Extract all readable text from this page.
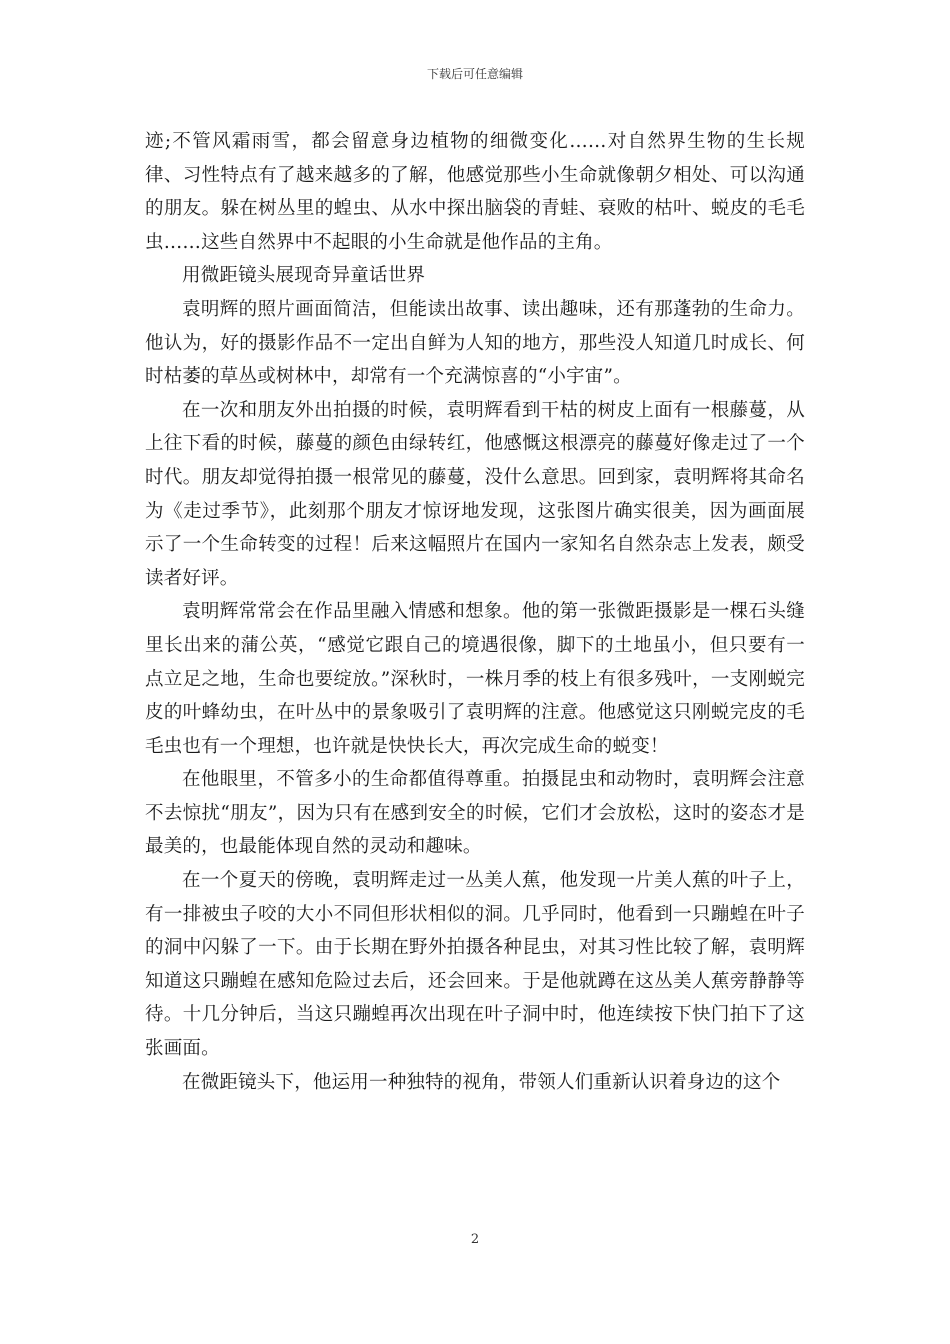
下载后可任意编辑

迹;不管风霜雨雪，都会留意身边植物的细微变化……对自然界生物的生长规律、习性特点有了越来越多的了解，他感觉那些小生命就像朝夕相处、可以沟通的朋友。躲在树丛里的蝗虫、从水中探出脑袋的青蛙、衰败的枯叶、蜕皮的毛毛虫……这些自然界中不起眼的小生命就是他作品的主角。

用微距镜头展现奇异童话世界

袁明辉的照片画面简洁，但能读出故事、读出趣味，还有那蓬勃的生命力。他认为，好的摄影作品不一定出自鲜为人知的地方，那些没人知道几时成长、何时枯萎的草丛或树林中，却常有一个充满惊喜的“小宇宙”。

在一次和朋友外出拍摄的时候，袁明辉看到干枯的树皮上面有一根藤蔓，从上往下看的时候，藤蔓的颜色由绿转红，他感慨这根漂亮的藤蔓好像走过了一个时代。朋友却觉得拍摄一根常见的藤蔓，没什么意思。回到家，袁明辉将其命名为《走过季节》，此刻那个朋友才惊讶地发现，这张图片确实很美，因为画面展示了一个生命转变的过程！后来这幅照片在国内一家知名自然杂志上发表，颇受读者好评。

袁明辉常常会在作品里融入情感和想象。他的第一张微距摄影是一棵石头缝里长出来的蒲公英，“感觉它跟自己的境遇很像，脚下的土地虽小，但只要有一点立足之地，生命也要绽放。”深秋时，一株月季的枝上有很多残叶，一支刚蜕完皮的叶蜂幼虫，在叶丛中的景象吸引了袁明辉的注意。他感觉这只刚蜕完皮的毛毛虫也有一个理想，也许就是快快长大，再次完成生命的蜕变！

在他眼里，不管多小的生命都值得尊重。拍摄昆虫和动物时，袁明辉会注意不去惊扰“朋友”，因为只有在感到安全的时候，它们才会放松，这时的姿态才是最美的，也最能体现自然的灵动和趣味。

在一个夏天的傍晚，袁明辉走过一丛美人蕉，他发现一片美人蕉的叶子上，有一排被虫子咬的大小不同但形状相似的洞。几乎同时，他看到一只蹦蝗在叶子的洞中闪躲了一下。由于长期在野外拍摄各种昆虫，对其习性比较了解，袁明辉知道这只蹦蝗在感知危险过去后，还会回来。于是他就蹲在这丛美人蕉旁静静等待。十几分钟后，当这只蹦蝗再次出现在叶子洞中时，他连续按下快门拍下了这张画面。

在微距镜头下，他运用一种独特的视角，带领人们重新认识着身边的这个

2
